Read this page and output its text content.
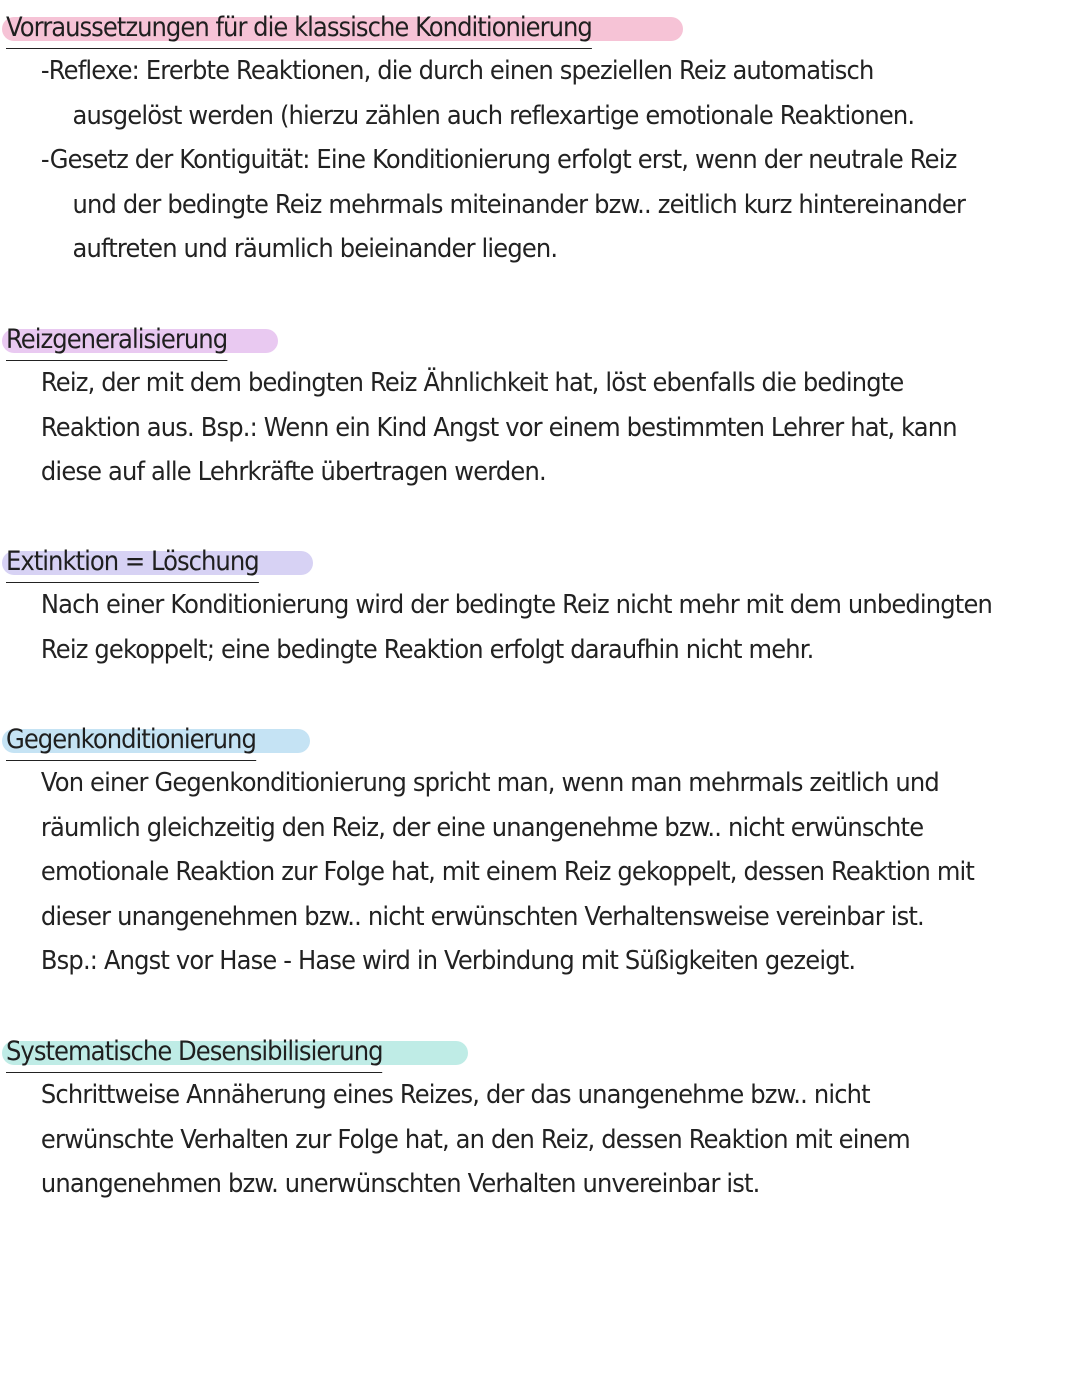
Vorraussetzungen für die klassische Konditionierung
-Reflexe: Ererbte Reaktionen, die durch einen speziellen Reiz automatisch
ausgelöst werden (hierzu zählen auch reflexartige emotionale Reaktionen.
-Gesetz der Kontiguität: Eine Konditionierung erfolgt erst, wenn der neutrale Reiz
und der bedingte Reiz mehrmals miteinander bzw.. zeitlich kurz hintereinander
auftreten und räumlich beieinander liegen.
Reizgeneralisierung
Reiz, der mit dem bedingten Reiz Ähnlichkeit hat, löst ebenfalls die bedingte
Reaktion aus. Bsp.: Wenn ein Kind Angst vor einem bestimmten Lehrer hat, kann
diese auf alle Lehrkräfte übertragen werden.
Extinktion = Löschung
Nach einer Konditionierung wird der bedingte Reiz nicht mehr mit dem unbedingten
Reiz gekoppelt; eine bedingte Reaktion erfolgt daraufhin nicht mehr.
Gegenkonditionierung
Von einer Gegenkonditionierung spricht man, wenn man mehrmals zeitlich und
räumlich gleichzeitig den Reiz, der eine unangenehme bzw.. nicht erwünschte
emotionale Reaktion zur Folge hat, mit einem Reiz gekoppelt, dessen Reaktion mit
dieser unangenehmen bzw.. nicht erwünschten Verhaltensweise vereinbar ist.
Bsp.: Angst vor Hase - Hase wird in Verbindung mit Süßigkeiten gezeigt.
Systematische Desensibilisierung
Schrittweise Annäherung eines Reizes, der das unangenehme bzw.. nicht
erwünschte Verhalten zur Folge hat, an den Reiz, dessen Reaktion mit einem
unangenehmen bzw. unerwünschten Verhalten unvereinbar ist.
